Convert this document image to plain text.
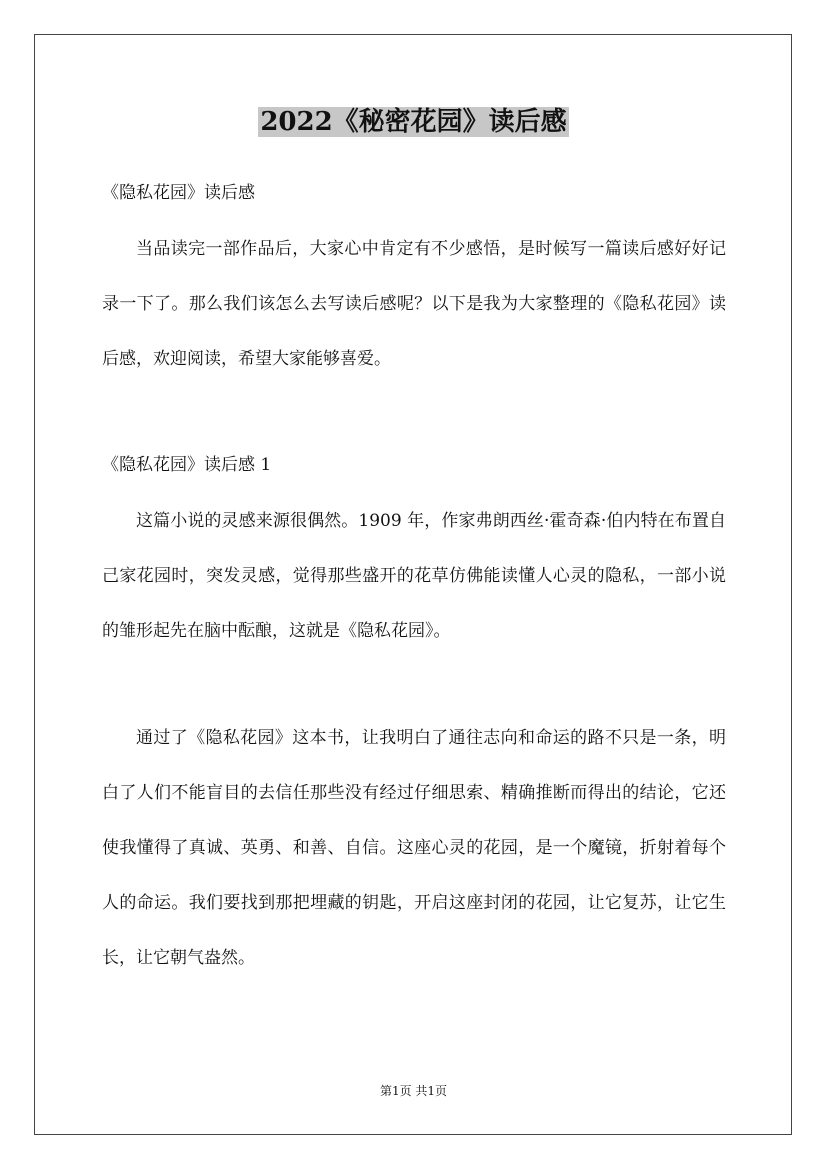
2022《秘密花园》读后感
《隐私花园》读后感

当品读完一部作品后，大家心中肯定有不少感悟，是时候写一篇读后感好好记录一下了。那么我们该怎么去写读后感呢？以下是我为大家整理的《隐私花园》读后感，欢迎阅读，希望大家能够喜爱。

《隐私花园》读后感 1

这篇小说的灵感来源很偶然。1909 年，作家弗朗西丝·霍奇森·伯内特在布置自己家花园时，突发灵感，觉得那些盛开的花草仿佛能读懂人心灵的隐私，一部小说的雏形起先在脑中酝酿，这就是《隐私花园》。

通过了《隐私花园》这本书，让我明白了通往志向和命运的路不只是一条，明白了人们不能盲目的去信任那些没有经过仔细思索、精确推断而得出的结论，它还使我懂得了真诚、英勇、和善、自信。这座心灵的花园，是一个魔镜，折射着每个人的命运。我们要找到那把埋藏的钥匙，开启这座封闭的花园，让它复苏，让它生长，让它朝气盎然。

第1页 共1页
